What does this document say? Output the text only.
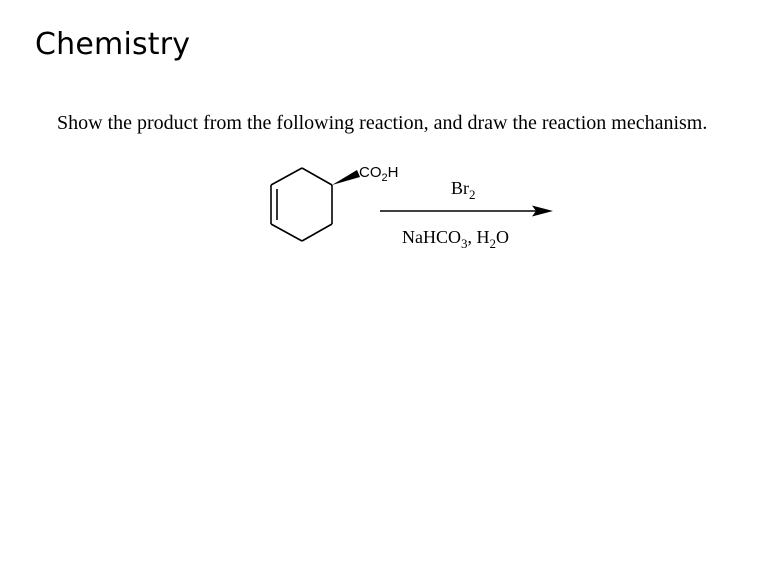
Chemistry

Show the product from the following reaction, and draw the reaction mechanism.

$CO_2H$
$Br_2$
NaHCO$_3$, $H_2O$
